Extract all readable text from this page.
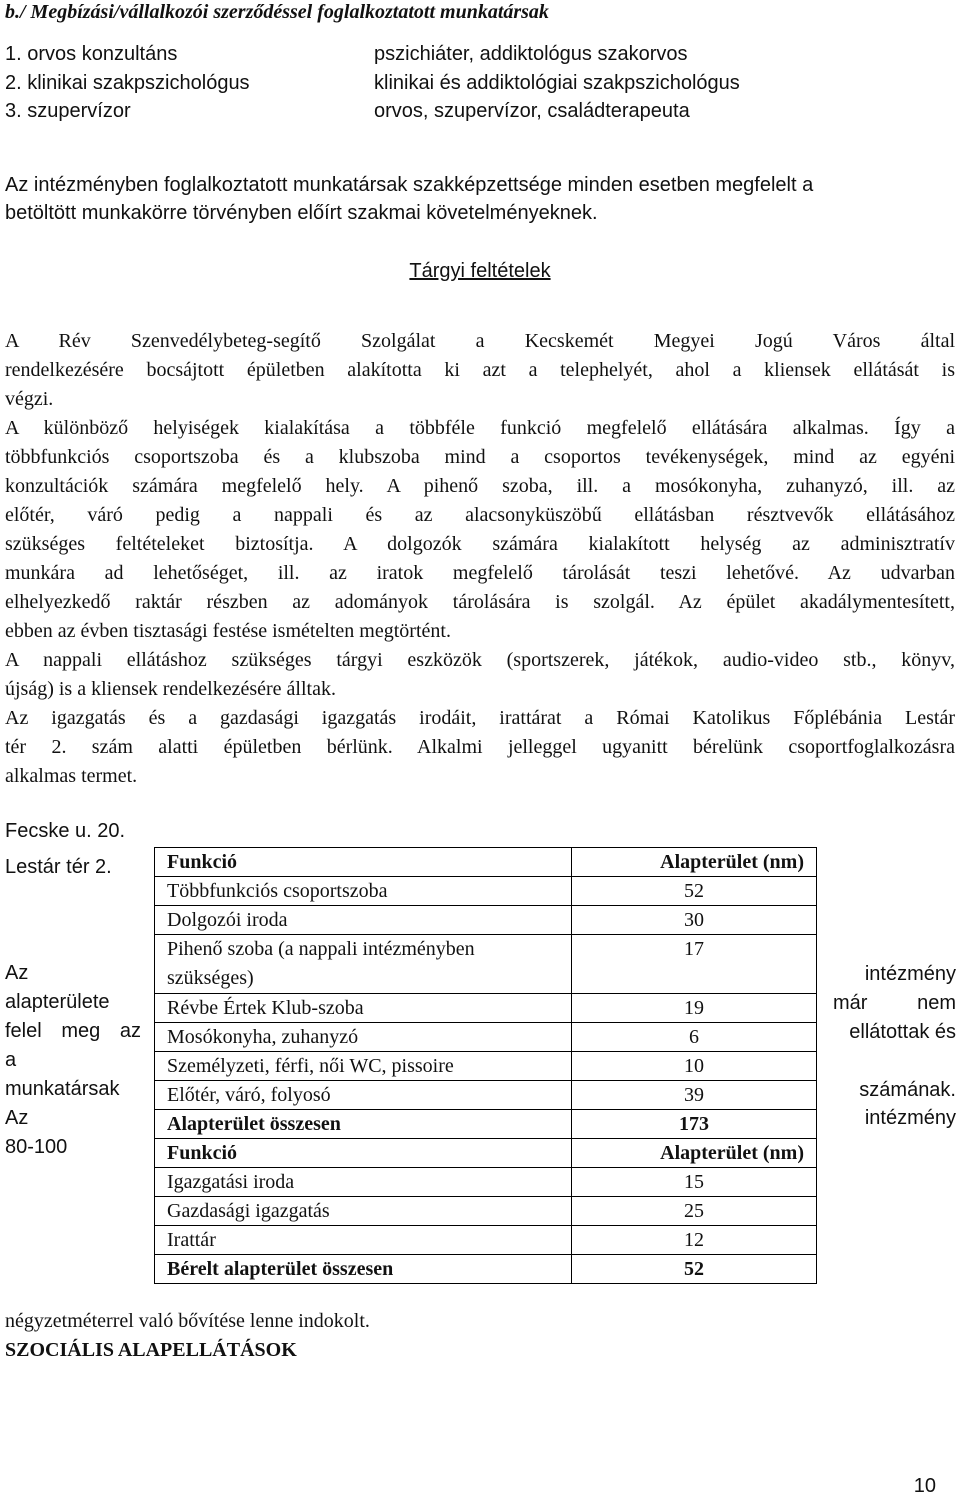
b./ Megbízási/vállalkozói szerződéssel foglalkoztatott munkatársak
1. orvos konzultáns	pszichiáter, addiktológus szakorvos
2. klinikai szakpszichológus	klinikai és addiktológiai szakpszichológus
3. szupervízor	orvos, szupervízor, családterapeuta
Az intézményben foglalkoztatott munkatársak szakképzettsége minden esetben megfelelt a
betöltött munkakörre törvényben előírt szakmai követelményeknek.
Tárgyi feltételek
A Rév Szenvedélybeteg-segítő Szolgálat a Kecskemét Megyei Jogú Város által
rendelkezésére bocsájtott épületben alakította ki azt a telephelyét, ahol a kliensek ellátását is
végzi.
A különböző helyiségek kialakítása a többféle funkció megfelelő ellátására alkalmas. Így a
többfunkciós csoportszoba és a klubszoba mind a csoportos tevékenységek, mind az egyéni
konzultációk számára megfelelő hely. A pihenő szoba, ill. a mosókonyha, zuhanyzó, ill. az
előtér, váró pedig a nappali és az alacsonyküszöbű ellátásban résztvevők ellátásához
szükséges feltételeket biztosítja. A dolgozók számára kialakított helység az adminisztratív
munkára ad lehetőséget, ill. az iratok megfelelő tárolását teszi lehetővé. Az udvarban
elhelyezkedő raktár részben az adományok tárolására is szolgál. Az épület akadálymentesített,
ebben az évben tisztasági festése ismételten megtörtént.
A nappali ellátáshoz szükséges tárgyi eszközök (sportszerek, játékok, audio-video stb., könyv,
újság) is a kliensek rendelkezésére álltak.
Az igazgatás és a gazdasági igazgatás irodáit, irattárat a Római Katolikus Főplébánia Lestár
tér 2. szám alatti épületben bérlünk. Alkalmi jelleggel ugyanitt bérelünk csoportfoglalkozásra
alkalmas termet.
Fecske u. 20.
Lestár tér 2.
Az
alapterülete
felel meg az
a
munkatársak
Az
80-100
intézmény
már nem
ellátottak és
számának.
intézmény
Funkció	Alapterület (nm)
Többfunkciós csoportszoba	52
Dolgozói iroda	30
Pihenő szoba (a nappali intézményben szükséges)	17
Révbe Értek Klub-szoba	19
Mosókonyha, zuhanyzó	6
Személyzeti, férfi, női WC, pissoire	10
Előtér, váró, folyosó	39
Alapterület összesen	173
Funkció	Alapterület (nm)
Igazgatási iroda	15
Gazdasági igazgatás	25
Irattár	12
Bérelt alapterület összesen	52
négyzetméterrel való bővítése lenne indokolt.
SZOCIÁLIS ALAPELLÁTÁSOK
10
